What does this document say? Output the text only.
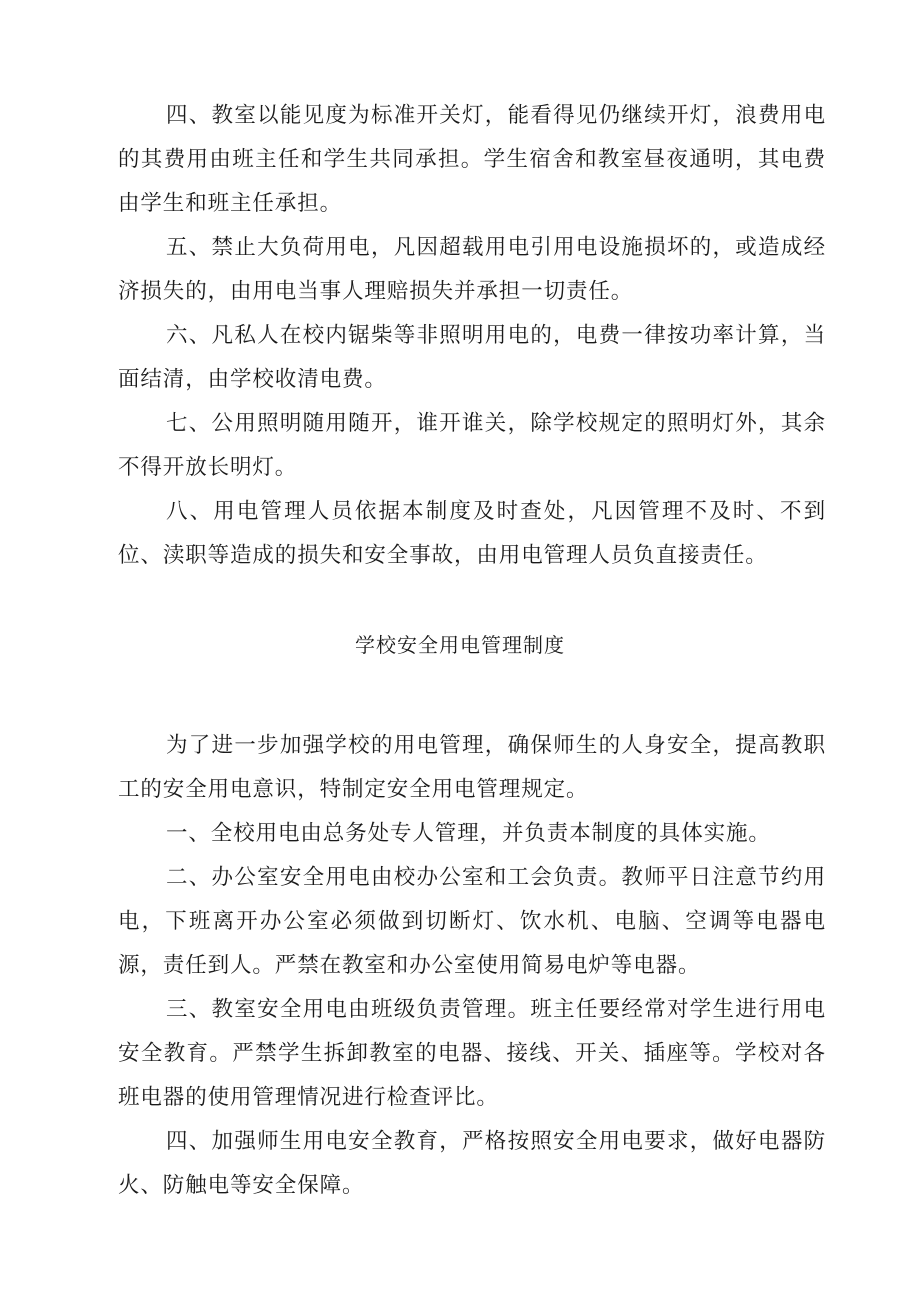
四、教室以能见度为标准开关灯，能看得见仍继续开灯，浪费用电的其费用由班主任和学生共同承担。学生宿舍和教室昼夜通明，其电费由学生和班主任承担。

五、禁止大负荷用电，凡因超载用电引用电设施损坏的，或造成经济损失的，由用电当事人理赔损失并承担一切责任。

六、凡私人在校内锯柴等非照明用电的，电费一律按功率计算，当面结清，由学校收清电费。

七、公用照明随用随开，谁开谁关，除学校规定的照明灯外，其余不得开放长明灯。

八、用电管理人员依据本制度及时查处，凡因管理不及时、不到位、渎职等造成的损失和安全事故，由用电管理人员负直接责任。

学校安全用电管理制度

为了进一步加强学校的用电管理，确保师生的人身安全，提高教职工的安全用电意识，特制定安全用电管理规定。

一、全校用电由总务处专人管理，并负责本制度的具体实施。

二、办公室安全用电由校办公室和工会负责。教师平日注意节约用电，下班离开办公室必须做到切断灯、饮水机、电脑、空调等电器电源，责任到人。严禁在教室和办公室使用简易电炉等电器。

三、教室安全用电由班级负责管理。班主任要经常对学生进行用电安全教育。严禁学生拆卸教室的电器、接线、开关、插座等。学校对各班电器的使用管理情况进行检查评比。

四、加强师生用电安全教育，严格按照安全用电要求，做好电器防火、防触电等安全保障。
